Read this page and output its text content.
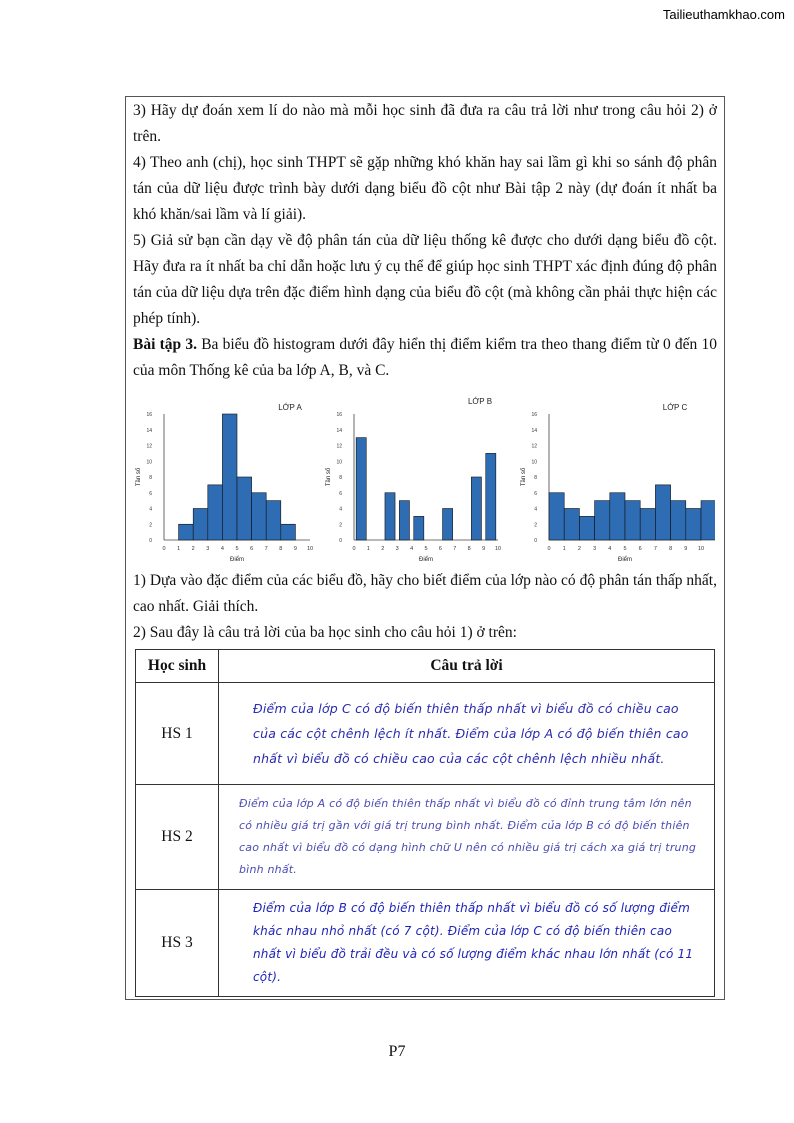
Tailieuthamkhao.com

3) Hãy dự đoán xem lí do nào mà mỗi học sinh đã đưa ra câu trả lời như trong câu hỏi 2) ở trên.

4) Theo anh (chị), học sinh THPT sẽ gặp những khó khăn hay sai lầm gì khi so sánh độ phân tán của dữ liệu được trình bày dưới dạng biểu đồ cột như Bài tập 2 này (dự đoán ít nhất ba khó khăn/sai lầm và lí giải).

5) Giả sử bạn cần dạy về độ phân tán của dữ liệu thống kê được cho dưới dạng biểu đồ cột. Hãy đưa ra ít nhất ba chỉ dẫn hoặc lưu ý cụ thể để giúp học sinh THPT xác định đúng độ phân tán của dữ liệu dựa trên đặc điểm hình dạng của biểu đồ cột (mà không cần phải thực hiện các phép tính).

Bài tập 3. Ba biểu đồ histogram dưới đây hiển thị điểm kiểm tra theo thang điểm từ 0 đến 10 của môn Thống kê của ba lớp A, B, và C.

0
2
4
6
8
10
12
14
16
0 1 2 3 4 5 6 7 8 9 10
LỚP A
Điểm
Tần số
0
2
4
6
8
10
12
14
16
0 1 2 3 4 5 6 7 8 9 10
LỚP B
Điểm
Tần số
0
2
4
6
8
10
12
14
16
0 1 2 3 4 5 6 7 8 9 10
LỚP C
Điểm
Tần số

1) Dựa vào đặc điểm của các biểu đồ, hãy cho biết điểm của lớp nào có độ phân tán thấp nhất, cao nhất. Giải thích.

2) Sau đây là câu trả lời của ba học sinh cho câu hỏi 1) ở trên:

Học sinh	Câu trả lời
HS 1	Điểm của lớp C có độ biến thiên thấp nhất vì biểu đồ có chiều cao của các cột chênh lệch ít nhất. Điểm của lớp A có độ biến thiên cao nhất vì biểu đồ có chiều cao của các cột chênh lệch nhiều nhất.
HS 2	Điểm của lớp A có độ biến thiên thấp nhất vì biểu đồ có đỉnh trung tâm lớn nên có nhiều giá trị gần với giá trị trung bình nhất. Điểm của lớp B có độ biến thiên cao nhất vì biểu đồ có dạng hình chữ U nên có nhiều giá trị cách xa giá trị trung bình nhất.
HS 3	Điểm của lớp B có độ biến thiên thấp nhất vì biểu đồ có số lượng điểm khác nhau nhỏ nhất (có 7 cột). Điểm của lớp C có độ biến thiên cao nhất vì biểu đồ trải đều và có số lượng điểm khác nhau lớn nhất (có 11 cột).
P7
